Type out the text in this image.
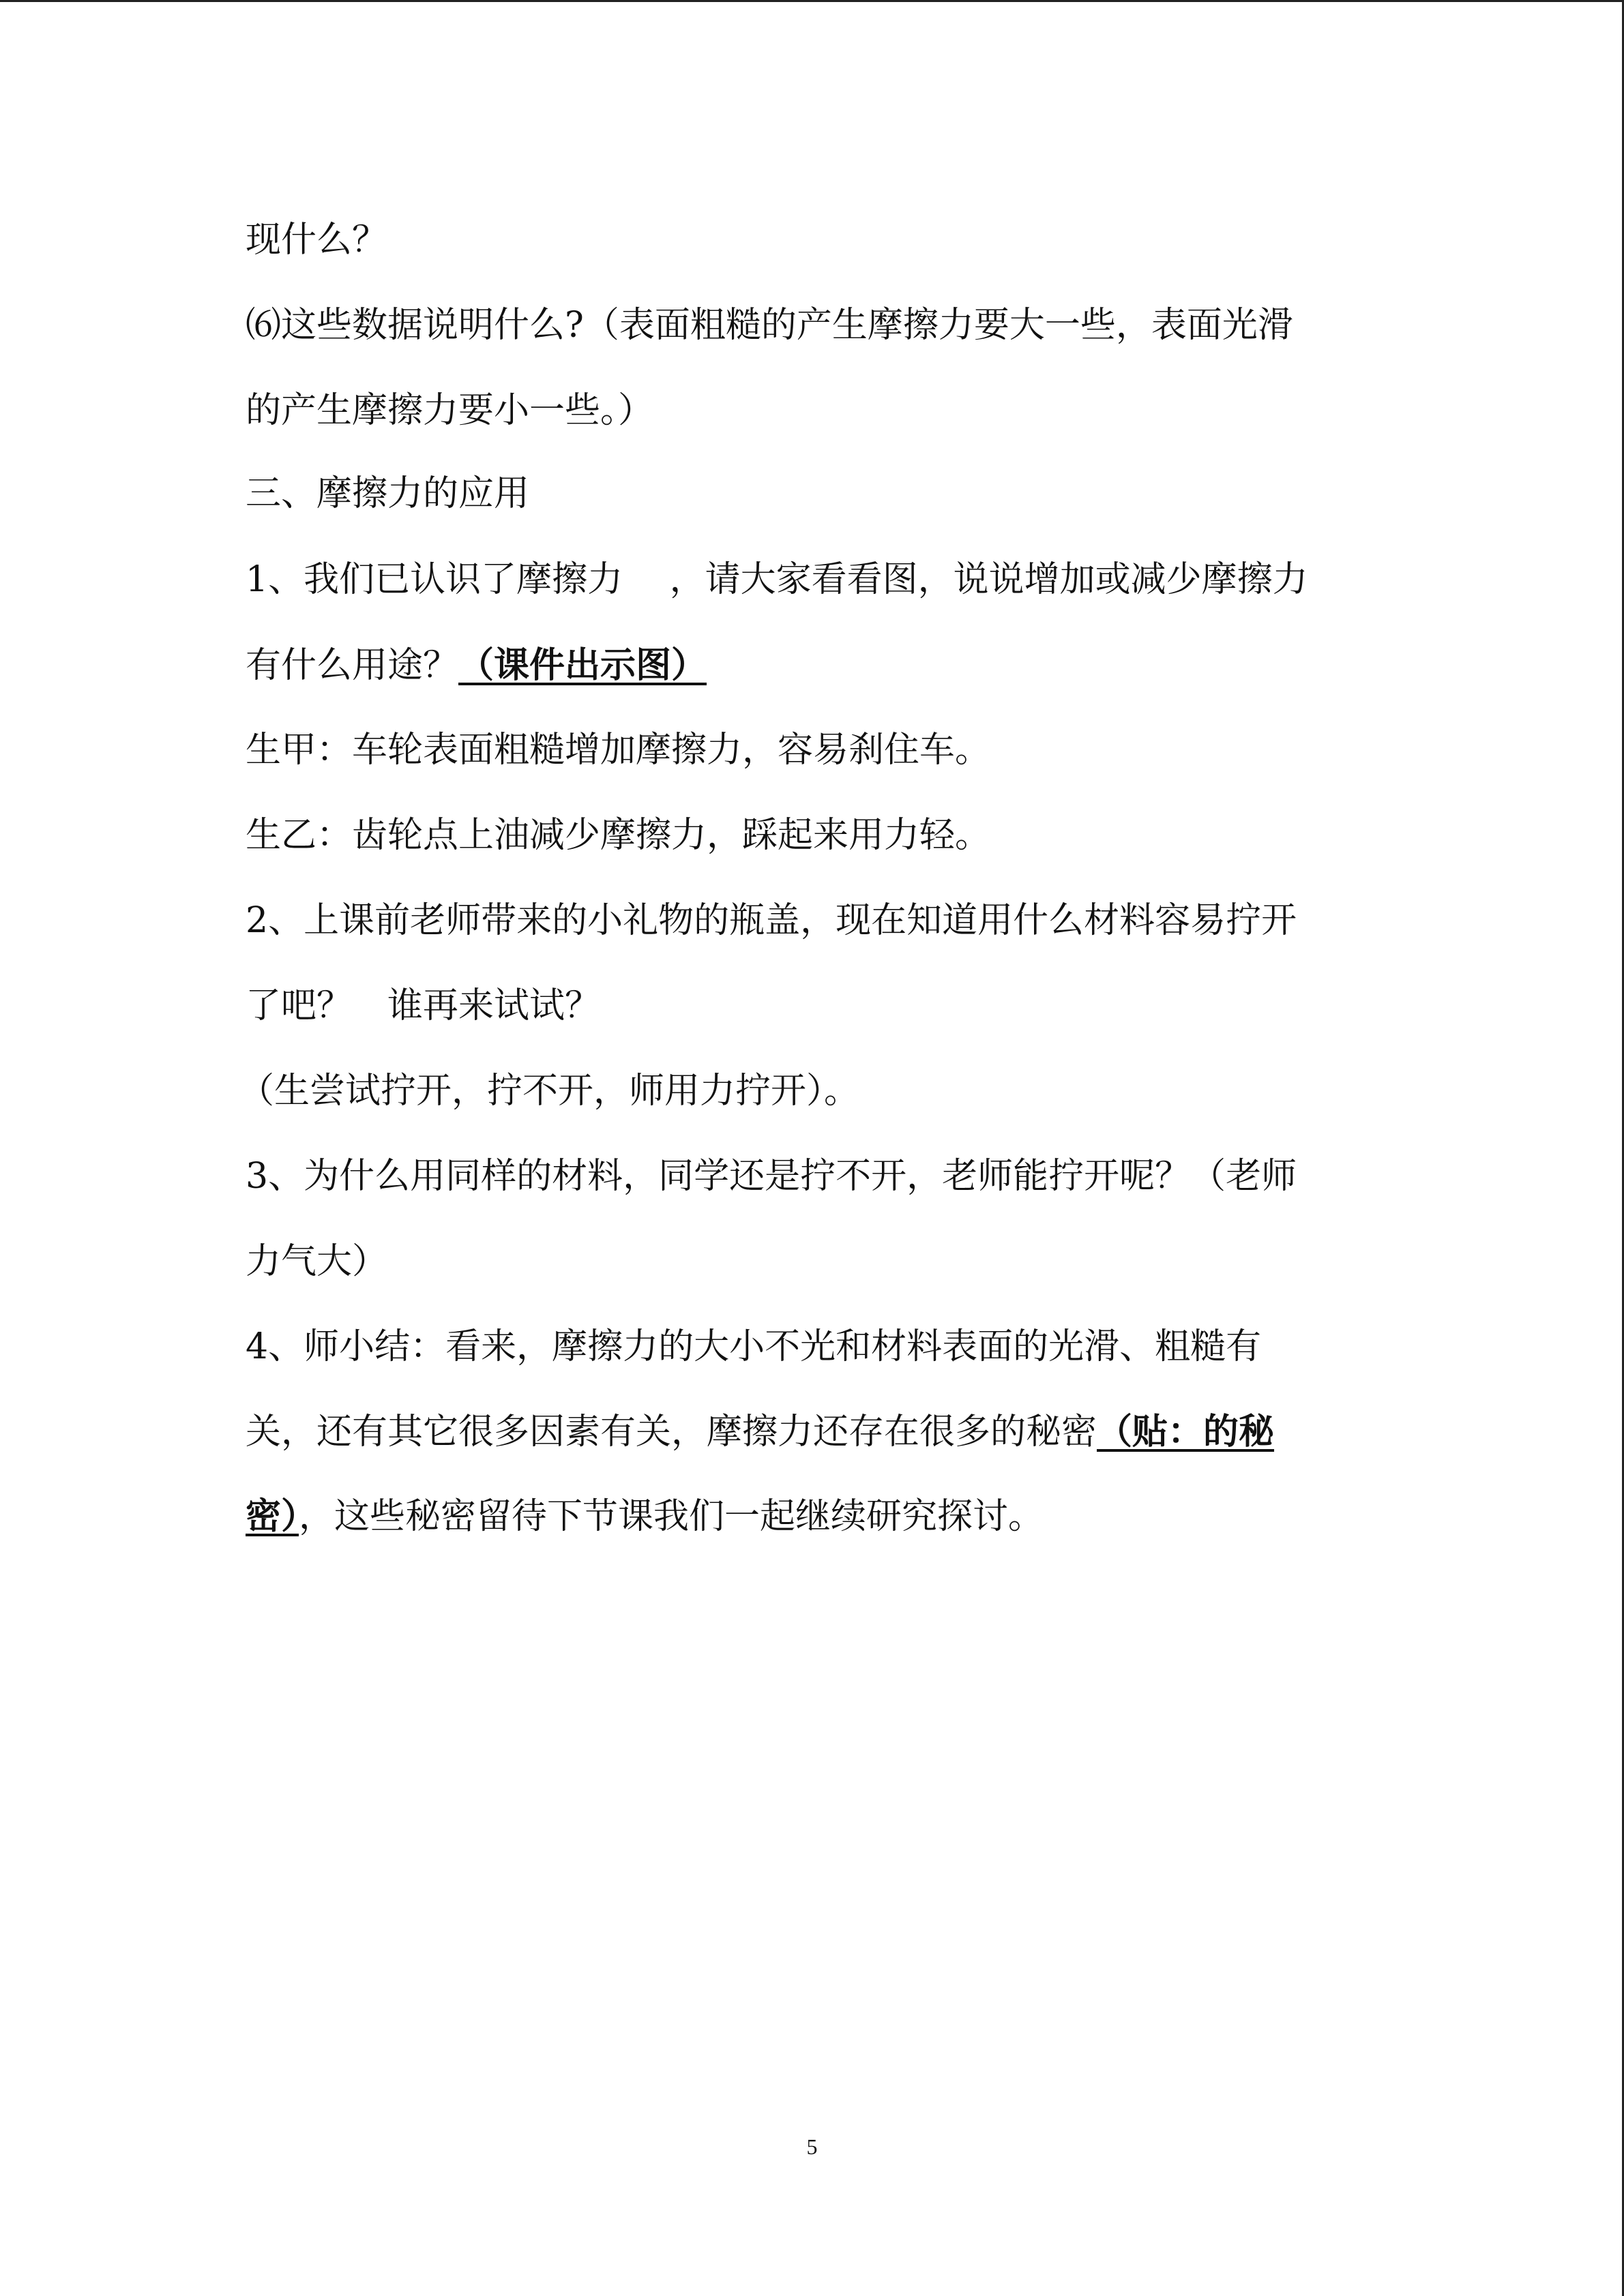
现什么？
⑹这些数据说明什么?（表面粗糙的产生摩擦力要大一些，表面光滑
的产生摩擦力要小一些。）
三、摩擦力的应用
1、我们已认识了摩擦力　 ，请大家看看图，说说增加或减少摩擦力
有什么用途？（课件出示图）
生甲：车轮表面粗糙增加摩擦力，容易刹住车。
生乙：齿轮点上油减少摩擦力，踩起来用力轻。
2、上课前老师带来的小礼物的瓶盖，现在知道用什么材料容易拧开
了吧？　谁再来试试？
（生尝试拧开，拧不开，师用力拧开）。
3、为什么用同样的材料，同学还是拧不开，老师能拧开呢？（老师
力气大）
4、师小结：看来，摩擦力的大小不光和材料表面的光滑、粗糙有
关，还有其它很多因素有关，摩擦力还存在很多的秘密（贴：的秘
密），这些秘密留待下节课我们一起继续研究探讨。
5
